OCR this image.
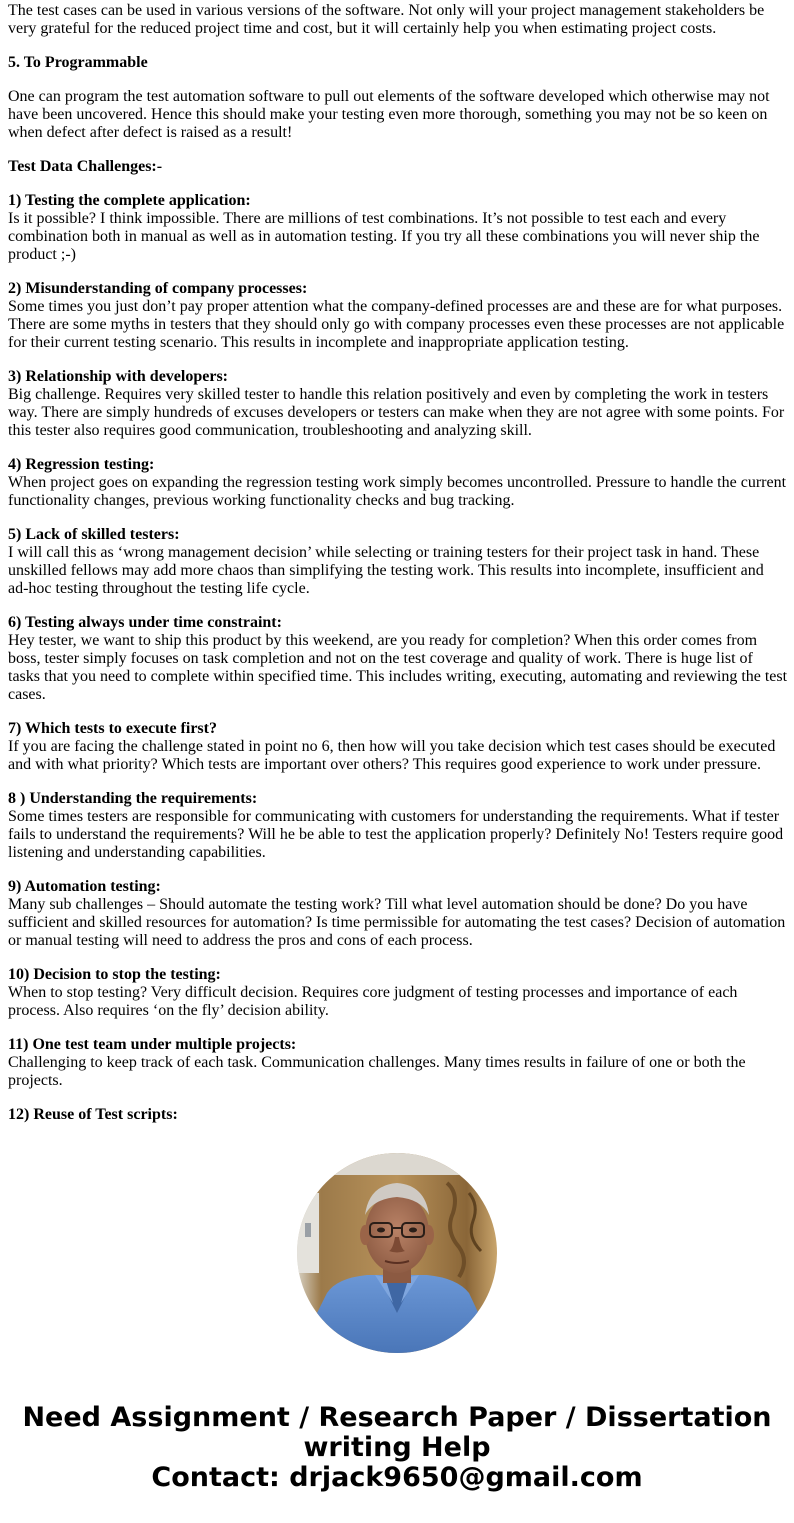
The test cases can be used in various versions of the software. Not only will your project management stakeholders be very grateful for the reduced project time and cost, but it will certainly help you when estimating project costs.

5. To Programmable

One can program the test automation software to pull out elements of the software developed which otherwise may not have been uncovered. Hence this should make your testing even more thorough, something you may not be so keen on when defect after defect is raised as a result!

Test Data Challenges:-

1) Testing the complete application:
Is it possible? I think impossible. There are millions of test combinations. It’s not possible to test each and every combination both in manual as well as in automation testing. If you try all these combinations you will never ship the product ;-)

2) Misunderstanding of company processes:
Some times you just don’t pay proper attention what the company-defined processes are and these are for what purposes. There are some myths in testers that they should only go with company processes even these processes are not applicable for their current testing scenario. This results in incomplete and inappropriate application testing.

3) Relationship with developers:
Big challenge. Requires very skilled tester to handle this relation positively and even by completing the work in testers way. There are simply hundreds of excuses developers or testers can make when they are not agree with some points. For this tester also requires good communication, troubleshooting and analyzing skill.

4) Regression testing:
When project goes on expanding the regression testing work simply becomes uncontrolled. Pressure to handle the current functionality changes, previous working functionality checks and bug tracking.

5) Lack of skilled testers:
I will call this as ‘wrong management decision’ while selecting or training testers for their project task in hand. These unskilled fellows may add more chaos than simplifying the testing work. This results into incomplete, insufficient and ad-hoc testing throughout the testing life cycle.

6) Testing always under time constraint:
Hey tester, we want to ship this product by this weekend, are you ready for completion? When this order comes from boss, tester simply focuses on task completion and not on the test coverage and quality of work. There is huge list of tasks that you need to complete within specified time. This includes writing, executing, automating and reviewing the test cases.

7) Which tests to execute first?
If you are facing the challenge stated in point no 6, then how will you take decision which test cases should be executed and with what priority? Which tests are important over others? This requires good experience to work under pressure.

8 ) Understanding the requirements:
Some times testers are responsible for communicating with customers for understanding the requirements. What if tester fails to understand the requirements? Will he be able to test the application properly? Definitely No! Testers require good listening and understanding capabilities.

9) Automation testing:
Many sub challenges – Should automate the testing work? Till what level automation should be done? Do you have sufficient and skilled resources for automation? Is time permissible for automating the test cases? Decision of automation or manual testing will need to address the pros and cons of each process.

10) Decision to stop the testing:
When to stop testing? Very difficult decision. Requires core judgment of testing processes and importance of each process. Also requires ‘on the fly’ decision ability.

11) One test team under multiple projects:
Challenging to keep track of each task. Communication challenges. Many times results in failure of one or both the projects.

12) Reuse of Test scripts:

Need Assignment / Research Paper / Dissertation
writing Help
Contact: drjack9650@gmail.com
